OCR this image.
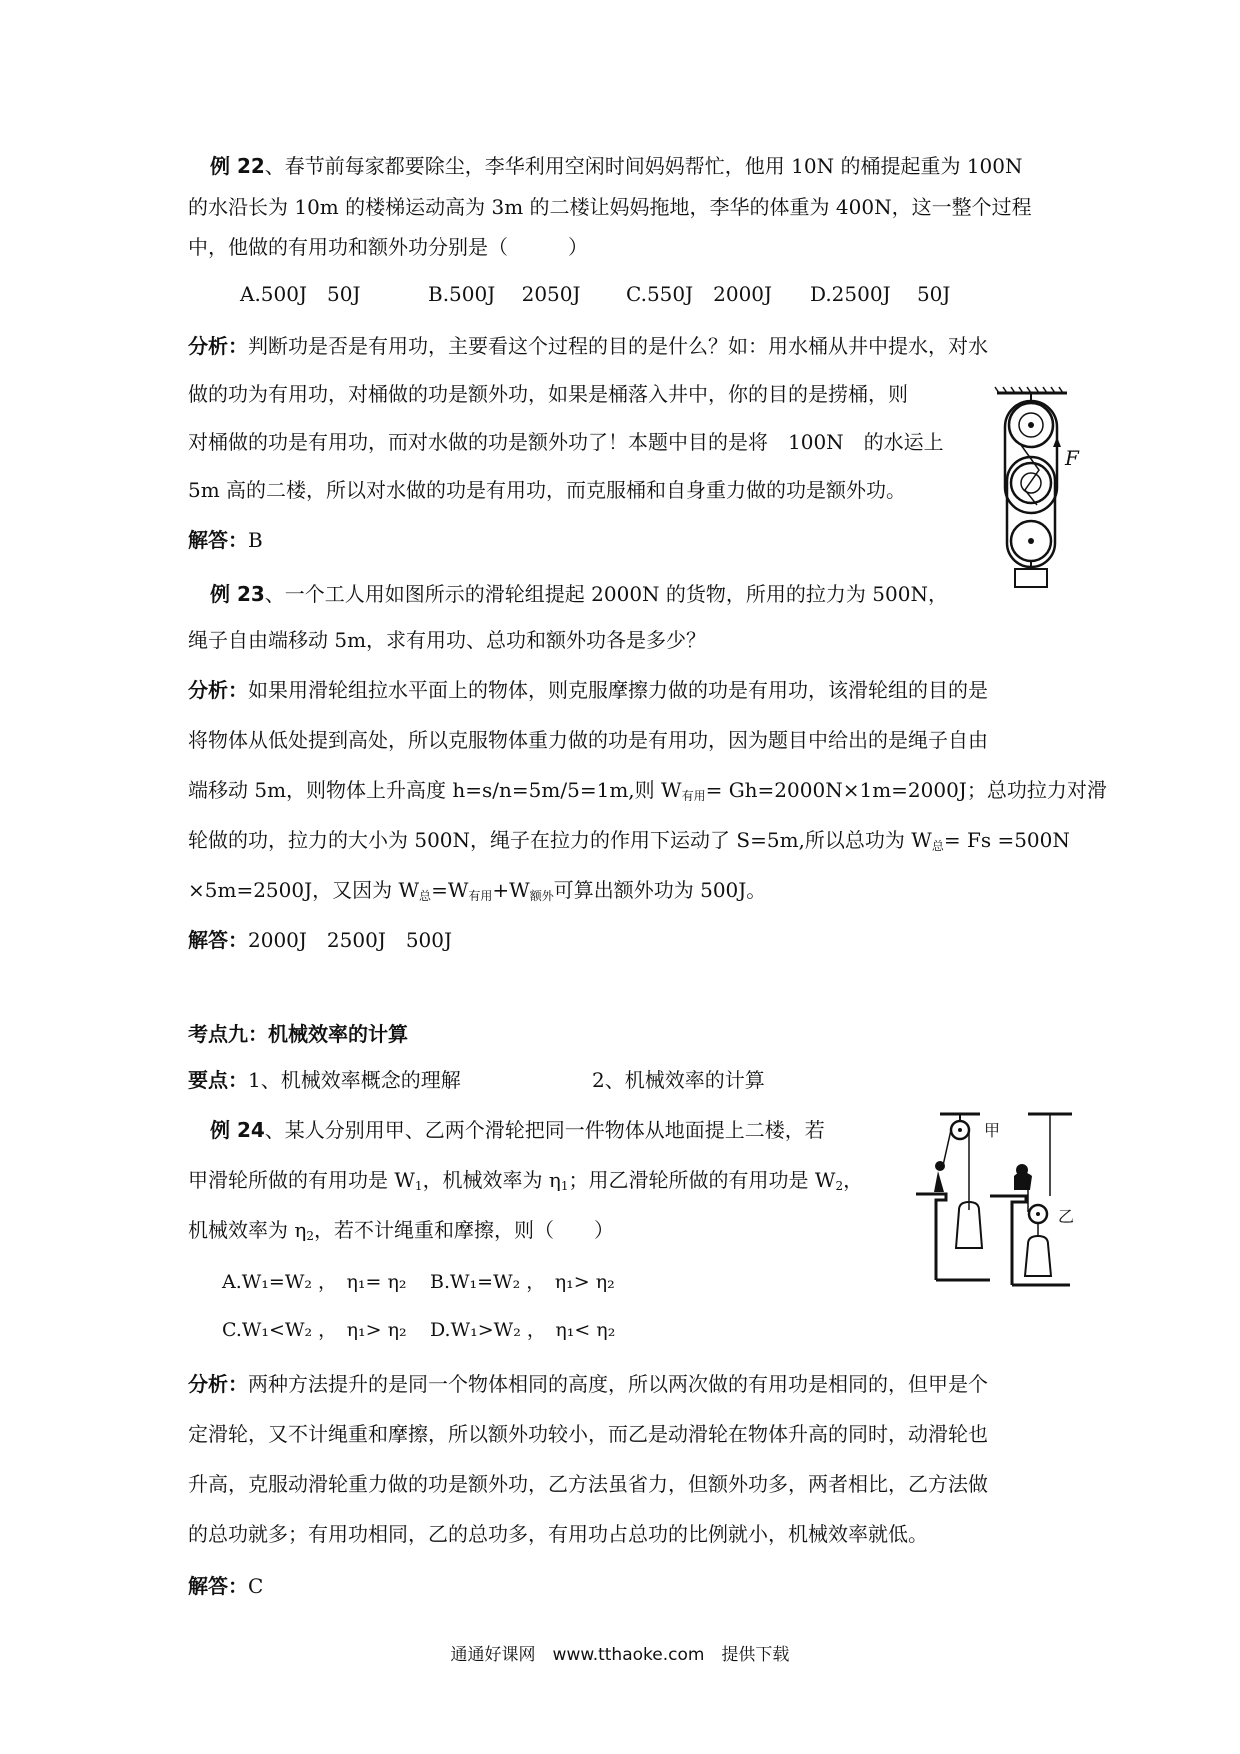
例 22、春节前每家都要除尘，李华利用空闲时间妈妈帮忙，他用 10N 的桶提起重为 100N
的水沿长为 10m 的楼梯运动高为 3m 的二楼让妈妈拖地，李华的体重为 400N，这一整个过程
中，他做的有用功和额外功分别是（　　　）
A.500J　50J	B.500J　 2050J C.550J　2000J D.2500J　 50J
分析：判断功是否是有用功，主要看这个过程的目的是什么？如：用水桶从井中提水，对水
做的功为有用功，对桶做的功是额外功，如果是桶落入井中，你的目的是捞桶，则
对桶做的功是有用功，而对水做的功是额外功了！本题中目的是将　100N　的水运上
5m 高的二楼，所以对水做的功是有用功，而克服桶和自身重力做的功是额外功。
解答：B
F
例 23、一个工人用如图所示的滑轮组提起 2000N 的货物，所用的拉力为 500N，
绳子自由端移动 5m，求有用功、总功和额外功各是多少？
分析：如果用滑轮组拉水平面上的物体，则克服摩擦力做的功是有用功，该滑轮组的目的是
将物体从低处提到高处，所以克服物体重力做的功是有用功，因为题目中给出的是绳子自由
端移动 5m，则物体上升高度 h=s/n=5m/5=1m,则 W有用= Gh=2000N×1m=2000J；总功拉力对滑
轮做的功，拉力的大小为 500N，绳子在拉力的作用下运动了 S=5m,所以总功为 W总= Fs =500N
×5m=2500J，又因为 W总=W有用+W额外可算出额外功为 500J。
解答：2000J　2500J　500J
考点九：机械效率的计算
要点：1、机械效率概念的理解	2、机械效率的计算
例 24、某人分别用甲、乙两个滑轮把同一件物体从地面提上二楼，若
甲滑轮所做的有用功是 $W_1$，机械效率为 $\eta_1$；用乙滑轮所做的有用功是 $W_2$，
机械效率为 $\eta_2$，若不计绳重和摩擦，则（　　）
A.W₁=W₂ ，　η₁= η₂ B.W₁=W₂ ，　η₁> η₂
C.W₁<W₂ ，　η₁> η₂ D.W₁>W₂ ，　η₁< η₂
甲
乙
分析：两种方法提升的是同一个物体相同的高度，所以两次做的有用功是相同的，但甲是个
定滑轮，又不计绳重和摩擦，所以额外功较小，而乙是动滑轮在物体升高的同时，动滑轮也
升高，克服动滑轮重力做的功是额外功，乙方法虽省力，但额外功多，两者相比，乙方法做
的总功就多；有用功相同，乙的总功多，有用功占总功的比例就小，机械效率就低。
解答：C
通通好课网　www.tthaoke.com　提供下载
